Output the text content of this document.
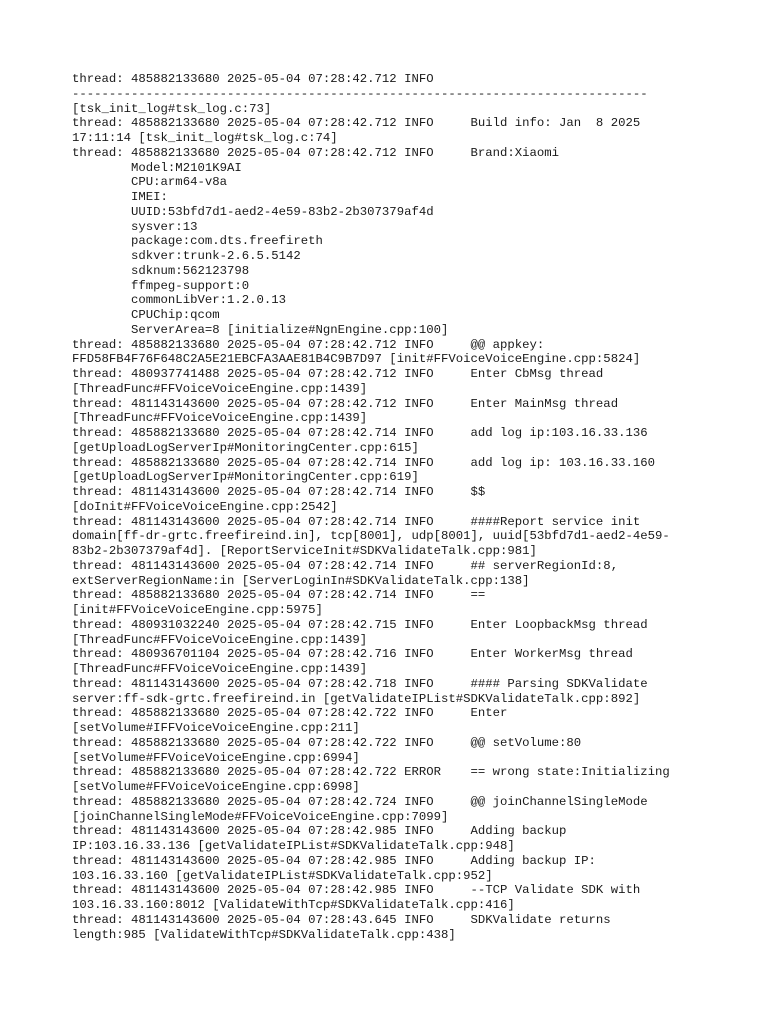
thread: 485882133680 2025-05-04 07:28:42.712 INFO
------------------------------------------------------------------------------
[tsk_init_log#tsk_log.c:73]
thread: 485882133680 2025-05-04 07:28:42.712 INFO     Build info: Jan  8 2025
17:11:14 [tsk_init_log#tsk_log.c:74]
thread: 485882133680 2025-05-04 07:28:42.712 INFO     Brand:Xiaomi
Model:M2101K9AI
CPU:arm64-v8a
IMEI:
UUID:53bfd7d1-aed2-4e59-83b2-2b307379af4d
sysver:13
package:com.dts.freefireth
sdkver:trunk-2.6.5.5142
sdknum:562123798
ffmpeg-support:0
commonLibVer:1.2.0.13
CPUChip:qcom
ServerArea=8 [initialize#NgnEngine.cpp:100]
thread: 485882133680 2025-05-04 07:28:42.712 INFO     @@ appkey:
FFD58FB4F76F648C2A5E21EBCFA3AAE81B4C9B7D97 [init#FFVoiceVoiceEngine.cpp:5824]
thread: 480937741488 2025-05-04 07:28:42.712 INFO     Enter CbMsg thread
[ThreadFunc#FFVoiceVoiceEngine.cpp:1439]
thread: 481143143600 2025-05-04 07:28:42.712 INFO     Enter MainMsg thread
[ThreadFunc#FFVoiceVoiceEngine.cpp:1439]
thread: 485882133680 2025-05-04 07:28:42.714 INFO     add log ip:103.16.33.136
[getUploadLogServerIp#MonitoringCenter.cpp:615]
thread: 485882133680 2025-05-04 07:28:42.714 INFO     add log ip: 103.16.33.160
[getUploadLogServerIp#MonitoringCenter.cpp:619]
thread: 481143143600 2025-05-04 07:28:42.714 INFO     $$
[doInit#FFVoiceVoiceEngine.cpp:2542]
thread: 481143143600 2025-05-04 07:28:42.714 INFO     ####Report service init
domain[ff-dr-grtc.freefireind.in], tcp[8001], udp[8001], uuid[53bfd7d1-aed2-4e59-
83b2-2b307379af4d]. [ReportServiceInit#SDKValidateTalk.cpp:981]
thread: 481143143600 2025-05-04 07:28:42.714 INFO     ## serverRegionId:8,
extServerRegionName:in [ServerLoginIn#SDKValidateTalk.cpp:138]
thread: 485882133680 2025-05-04 07:28:42.714 INFO     ==
[init#FFVoiceVoiceEngine.cpp:5975]
thread: 480931032240 2025-05-04 07:28:42.715 INFO     Enter LoopbackMsg thread
[ThreadFunc#FFVoiceVoiceEngine.cpp:1439]
thread: 480936701104 2025-05-04 07:28:42.716 INFO     Enter WorkerMsg thread
[ThreadFunc#FFVoiceVoiceEngine.cpp:1439]
thread: 481143143600 2025-05-04 07:28:42.718 INFO     #### Parsing SDKValidate
server:ff-sdk-grtc.freefireind.in [getValidateIPList#SDKValidateTalk.cpp:892]
thread: 485882133680 2025-05-04 07:28:42.722 INFO     Enter
[setVolume#IFFVoiceVoiceEngine.cpp:211]
thread: 485882133680 2025-05-04 07:28:42.722 INFO     @@ setVolume:80
[setVolume#FFVoiceVoiceEngine.cpp:6994]
thread: 485882133680 2025-05-04 07:28:42.722 ERROR    == wrong state:Initializing
[setVolume#FFVoiceVoiceEngine.cpp:6998]
thread: 485882133680 2025-05-04 07:28:42.724 INFO     @@ joinChannelSingleMode
[joinChannelSingleMode#FFVoiceVoiceEngine.cpp:7099]
thread: 481143143600 2025-05-04 07:28:42.985 INFO     Adding backup
IP:103.16.33.136 [getValidateIPList#SDKValidateTalk.cpp:948]
thread: 481143143600 2025-05-04 07:28:42.985 INFO     Adding backup IP:
103.16.33.160 [getValidateIPList#SDKValidateTalk.cpp:952]
thread: 481143143600 2025-05-04 07:28:42.985 INFO     --TCP Validate SDK with
103.16.33.160:8012 [ValidateWithTcp#SDKValidateTalk.cpp:416]
thread: 481143143600 2025-05-04 07:28:43.645 INFO     SDKValidate returns
length:985 [ValidateWithTcp#SDKValidateTalk.cpp:438]
